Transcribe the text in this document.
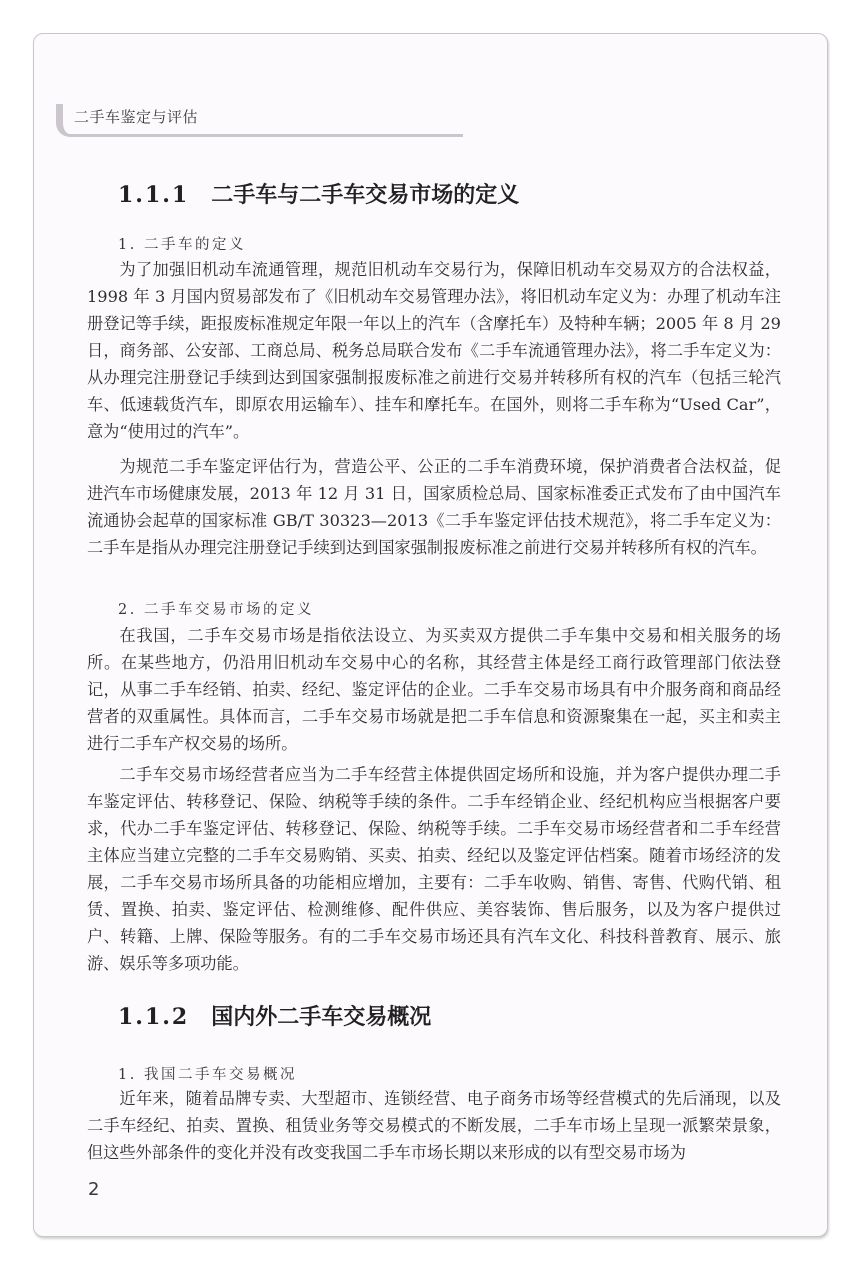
二手车鉴定与评估
1.1.1 二手车与二手车交易市场的定义
1. 二手车的定义
为了加强旧机动车流通管理，规范旧机动车交易行为，保障旧机动车交易双方的合法权益，1998 年 3 月国内贸易部发布了《旧机动车交易管理办法》，将旧机动车定义为：办理了机动车注册登记等手续，距报废标准规定年限一年以上的汽车（含摩托车）及特种车辆；2005 年 8 月 29 日，商务部、公安部、工商总局、税务总局联合发布《二手车流通管理办法》，将二手车定义为：从办理完注册登记手续到达到国家强制报废标准之前进行交易并转移所有权的汽车（包括三轮汽车、低速载货汽车，即原农用运输车）、挂车和摩托车。在国外，则将二手车称为“Used Car”，意为“使用过的汽车”。
为规范二手车鉴定评估行为，营造公平、公正的二手车消费环境，保护消费者合法权益，促进汽车市场健康发展，2013 年 12 月 31 日，国家质检总局、国家标准委正式发布了由中国汽车流通协会起草的国家标准 GB/T 30323—2013《二手车鉴定评估技术规范》，将二手车定义为：二手车是指从办理完注册登记手续到达到国家强制报废标准之前进行交易并转移所有权的汽车。
2. 二手车交易市场的定义
在我国，二手车交易市场是指依法设立、为买卖双方提供二手车集中交易和相关服务的场所。在某些地方，仍沿用旧机动车交易中心的名称，其经营主体是经工商行政管理部门依法登记，从事二手车经销、拍卖、经纪、鉴定评估的企业。二手车交易市场具有中介服务商和商品经营者的双重属性。具体而言，二手车交易市场就是把二手车信息和资源聚集在一起，买主和卖主进行二手车产权交易的场所。
二手车交易市场经营者应当为二手车经营主体提供固定场所和设施，并为客户提供办理二手车鉴定评估、转移登记、保险、纳税等手续的条件。二手车经销企业、经纪机构应当根据客户要求，代办二手车鉴定评估、转移登记、保险、纳税等手续。二手车交易市场经营者和二手车经营主体应当建立完整的二手车交易购销、买卖、拍卖、经纪以及鉴定评估档案。随着市场经济的发展，二手车交易市场所具备的功能相应增加，主要有：二手车收购、销售、寄售、代购代销、租赁、置换、拍卖、鉴定评估、检测维修、配件供应、美容装饰、售后服务，以及为客户提供过户、转籍、上牌、保险等服务。有的二手车交易市场还具有汽车文化、科技科普教育、展示、旅游、娱乐等多项功能。
1.1.2 国内外二手车交易概况
1. 我国二手车交易概况
近年来，随着品牌专卖、大型超市、连锁经营、电子商务市场等经营模式的先后涌现，以及二手车经纪、拍卖、置换、租赁业务等交易模式的不断发展，二手车市场上呈现一派繁荣景象，但这些外部条件的变化并没有改变我国二手车市场长期以来形成的以有型交易市场为
2
